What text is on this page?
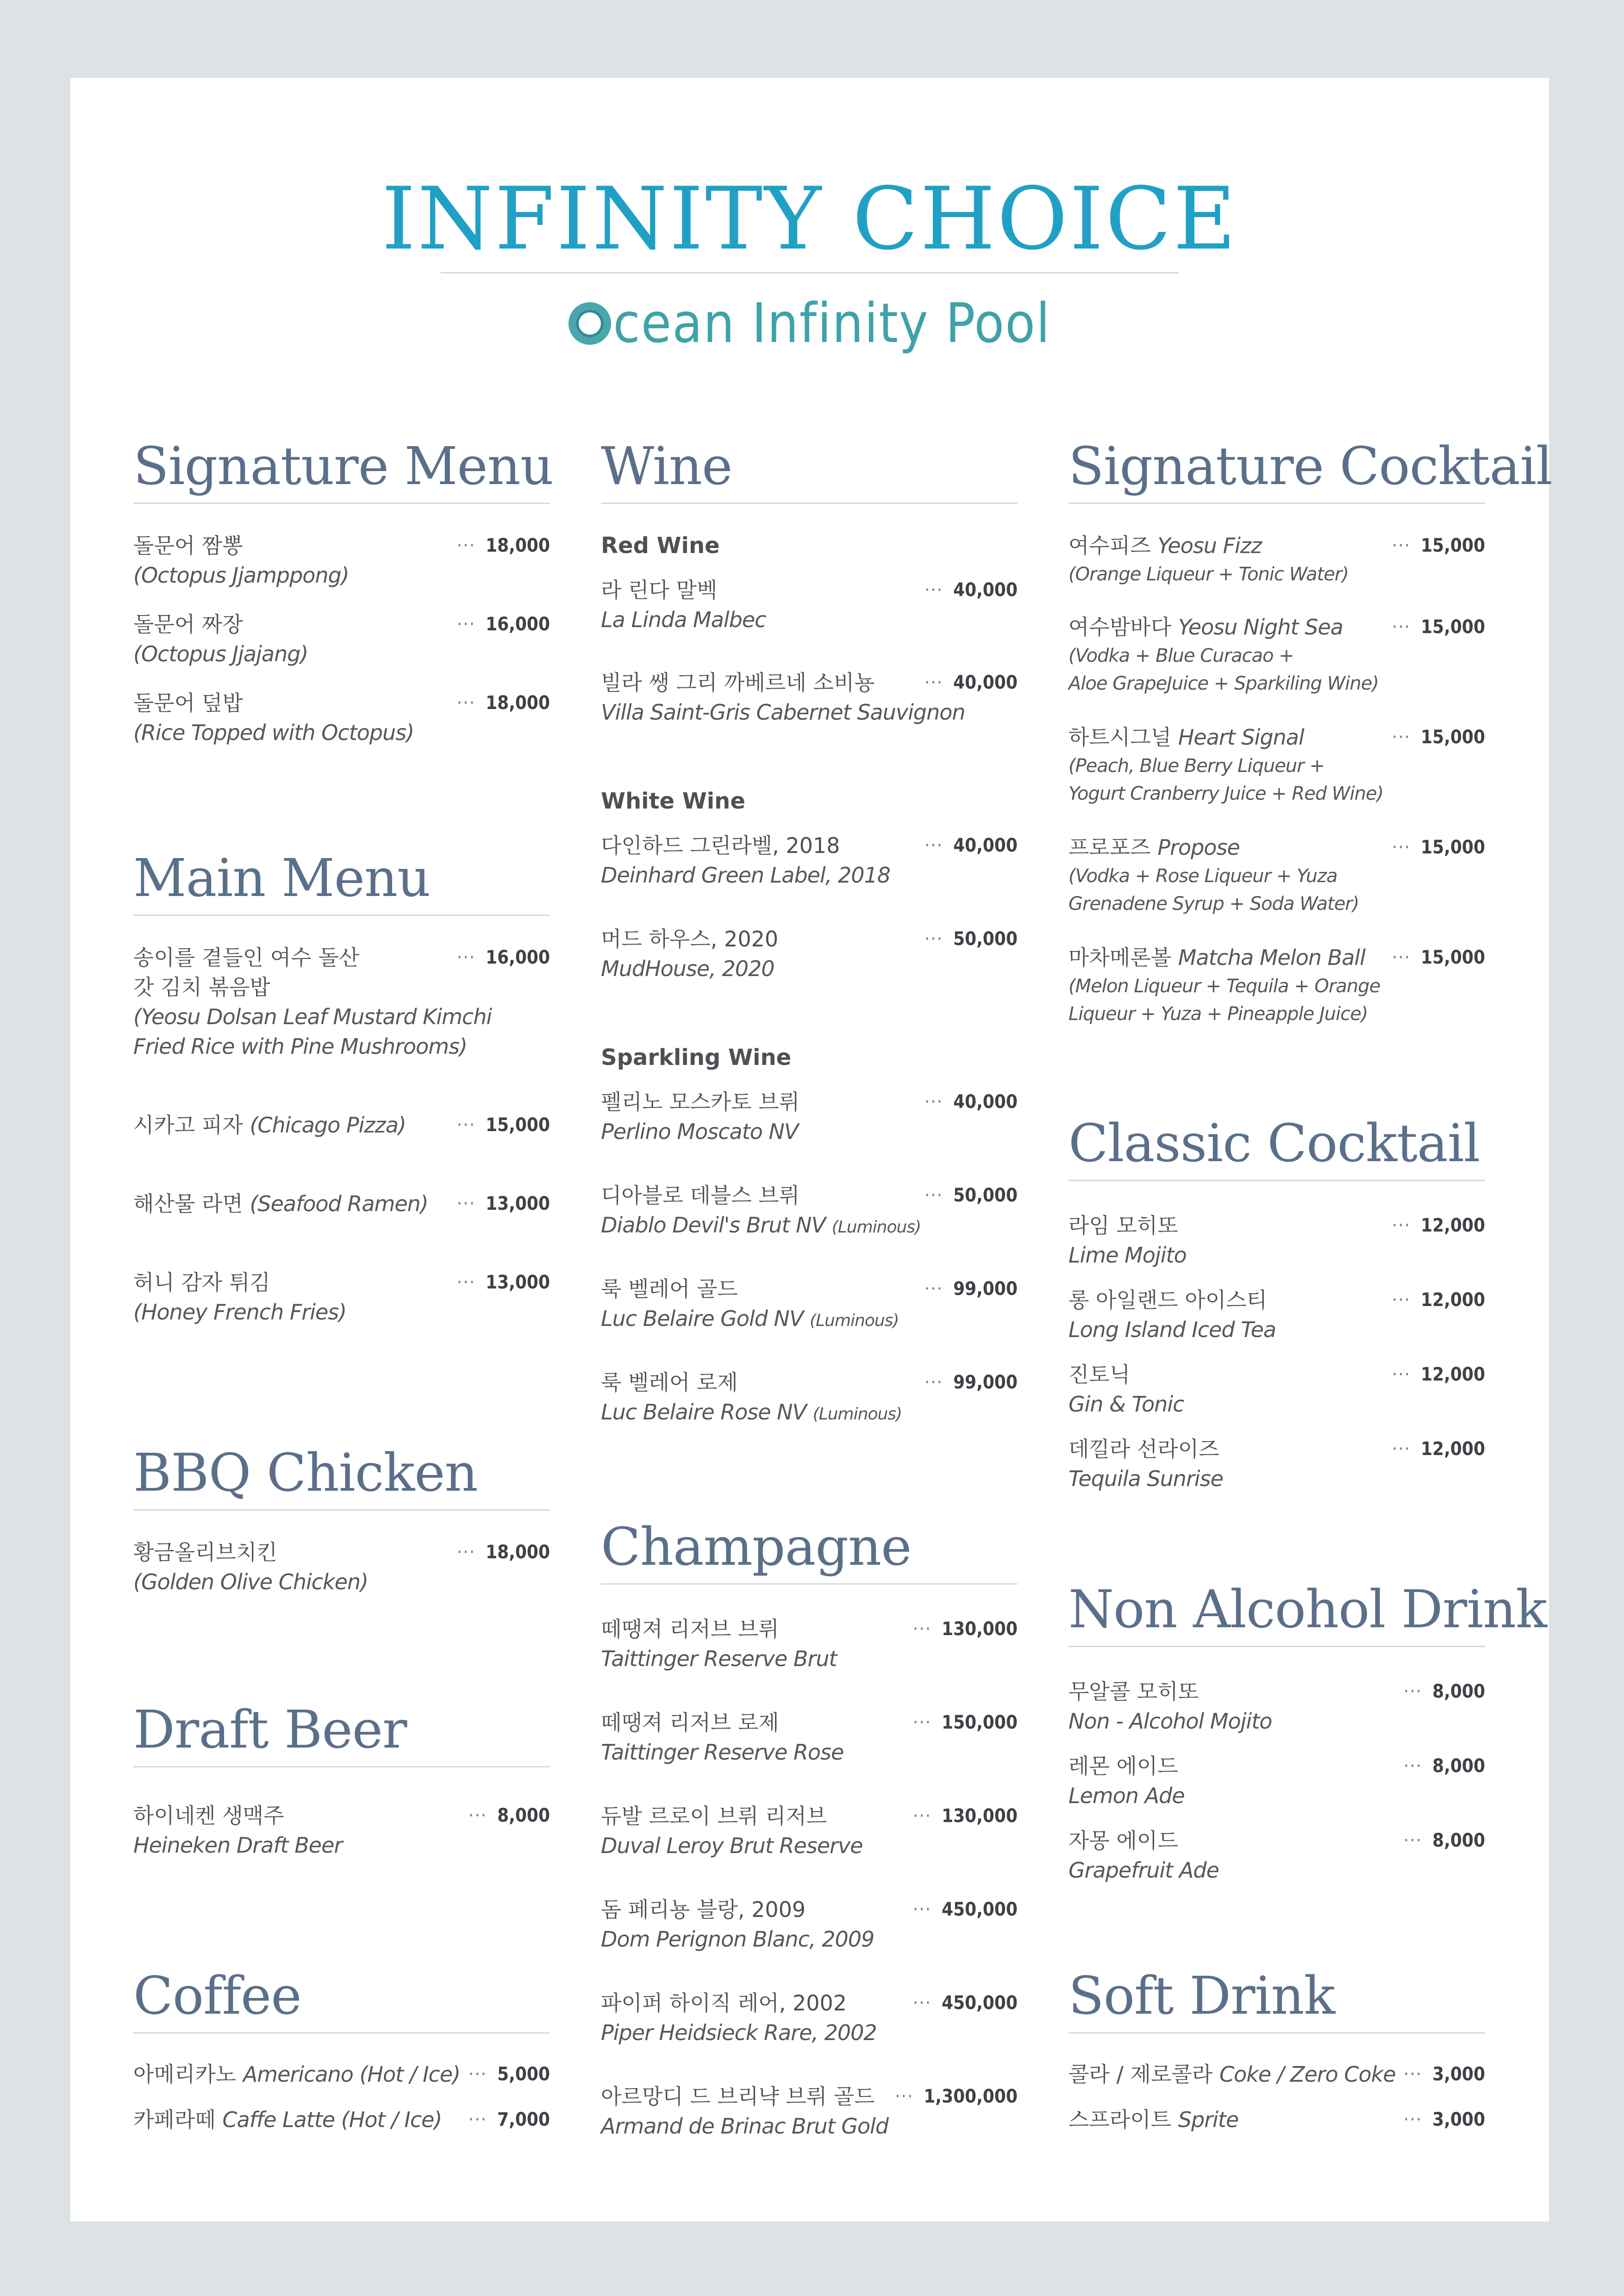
INFINITY CHOICE
cean Infinity Pool
Signature Menu
돌문어 짬뽕
(Octopus Jjamppong)
··· 18,000
돌문어 짜장
(Octopus Jjajang)
··· 16,000
돌문어 덮밥
(Rice Topped with Octopus)
··· 18,000
Main Menu
송이를 곁들인 여수 돌산
갓 김치 볶음밥
(Yeosu Dolsan Leaf Mustard Kimchi
Fried Rice with Pine Mushrooms)
··· 16,000
시카고 피자 (Chicago Pizza)	··· 15,000
해산물 라면 (Seafood Ramen)	··· 13,000
허니 감자 튀김
(Honey French Fries)
··· 13,000
BBQ Chicken
황금올리브치킨
(Golden Olive Chicken)
··· 18,000
Draft Beer
하이네켄 생맥주
Heineken Draft Beer
··· 8,000
Coffee
아메리카노 Americano (Hot / Ice) ··· 5,000
카페라떼 Caffe Latte (Hot / Ice)	··· 7,000
Wine
Red Wine
라 린다 말벡
La Linda Malbec
··· 40,000
빌라 쌩 그리 까베르네 소비뇽
Villa Saint-Gris Cabernet Sauvignon
··· 40,000
White Wine
다인하드 그린라벨, 2018
Deinhard Green Label, 2018
··· 40,000
머드 하우스, 2020
MudHouse, 2020
··· 50,000
Sparkling Wine
펠리노 모스카토 브뤼
Perlino Moscato NV
··· 40,000
디아블로 데블스 브뤼
Diablo Devil's Brut NV (Luminous)
··· 50,000
룩 벨레어 골드
Luc Belaire Gold NV (Luminous)
··· 99,000
룩 벨레어 로제
Luc Belaire Rose NV (Luminous)
··· 99,000
Champagne
떼땡져 리저브 브뤼
Taittinger Reserve Brut
··· 130,000
떼땡져 리저브 로제
Taittinger Reserve Rose
··· 150,000
듀발 르로이 브뤼 리저브
Duval Leroy Brut Reserve
··· 130,000
돔 페리뇽 블랑, 2009
Dom Perignon Blanc, 2009
··· 450,000
파이퍼 하이직 레어, 2002
Piper Heidsieck Rare, 2002
··· 450,000
아르망디 드 브리냑 브뤼 골드
Armand de Brinac Brut Gold
··· 1,300,000
Signature Cocktail
여수피즈 Yeosu Fizz
(Orange Liqueur + Tonic Water)
··· 15,000
여수밤바다 Yeosu Night Sea
(Vodka + Blue Curacao +
Aloe GrapeJuice + Sparkiling Wine)
··· 15,000
하트시그널 Heart Signal
(Peach, Blue Berry Liqueur +
Yogurt Cranberry Juice + Red Wine)
··· 15,000
프로포즈 Propose
(Vodka + Rose Liqueur + Yuza
Grenadene Syrup + Soda Water)
··· 15,000
마차메론볼 Matcha Melon Ball
(Melon Liqueur + Tequila + Orange
Liqueur + Yuza + Pineapple Juice)
··· 15,000
Classic Cocktail
라임 모히또
Lime Mojito
··· 12,000
롱 아일랜드 아이스티
Long Island Iced Tea
··· 12,000
진토닉
Gin & Tonic
··· 12,000
데낄라 선라이즈
Tequila Sunrise
··· 12,000
Non Alcohol Drink
무알콜 모히또
Non - Alcohol Mojito
··· 8,000
레몬 에이드
Lemon Ade
··· 8,000
자몽 에이드
Grapefruit Ade
··· 8,000
Soft Drink
콜라 / 제로콜라 Coke / Zero Coke ··· 3,000
스프라이트 Sprite	··· 3,000
